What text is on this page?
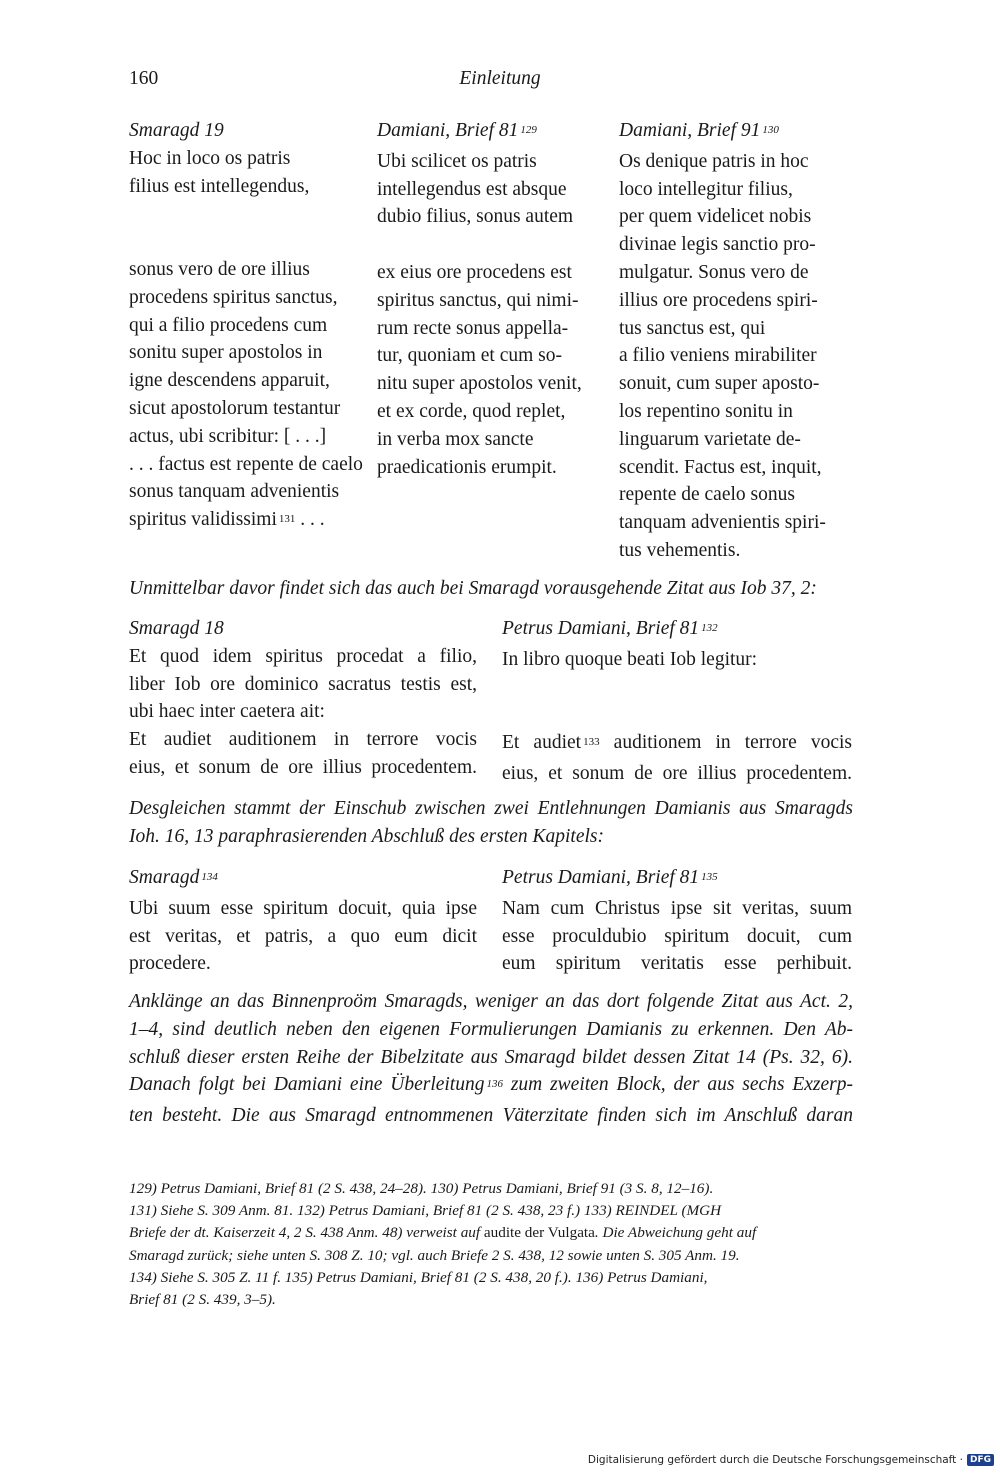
160	Einleitung
Smaragd 19
Hoc in loco os patris
filius est intellegendus,
sonus vero de ore illius
procedens spiritus sanctus,
qui a filio procedens cum
sonitu super apostolos in
igne descendens apparuit,
sicut apostolorum testantur
actus, ubi scribitur: [ . . .]
. . . factus est repente de caelo
sonus tanquam advenientis
spiritus validissimi $^{131}$ . . .
Damiani, Brief 81 $^{129}$
Ubi scilicet os patris
intellegendus est absque
dubio filius, sonus autem
ex eius ore procedens est
spiritus sanctus, qui nimi-
rum recte sonus appella-
tur, quoniam et cum so-
nitu super apostolos venit,
et ex corde, quod replet,
in verba mox sancte
praedicationis erumpit.
Damiani, Brief 91 $^{130}$
Os denique patris in hoc
loco intellegitur filius,
per quem videlicet nobis
divinae legis sanctio pro-
mulgatur. Sonus vero de
illius ore procedens spiri-
tus sanctus est, qui
a filio veniens mirabiliter
sonuit, cum super aposto-
los repentino sonitu in
linguarum varietate de-
scendit. Factus est, inquit,
repente de caelo sonus
tanquam advenientis spiri-
tus vehementis.
Unmittelbar davor findet sich das auch bei Smaragd vorausgehende Zitat aus Iob 37, 2:
Smaragd 18
Et quod idem spiritus procedat a filio,
liber Iob ore dominico sacratus testis est,
ubi haec inter caetera ait:
Et audiet auditionem in terrore vocis
eius, et sonum de ore illius procedentem.
Petrus Damiani, Brief 81 $^{132}$
In libro quoque beati Iob legitur:
Et audiet $^{133}$ auditionem in terrore vocis
eius, et sonum de ore illius procedentem.
Desgleichen stammt der Einschub zwischen zwei Entlehnungen Damianis aus Smaragds
Ioh. 16, 13 paraphrasierenden Abschluß des ersten Kapitels:
Smaragd $^{134}$
Ubi suum esse spiritum docuit, quia ipse
est veritas, et patris, a quo eum dicit
procedere.
Petrus Damiani, Brief 81 $^{135}$
Nam cum Christus ipse sit veritas, suum
esse proculdubio spiritum docuit, cum
eum spiritum veritatis esse perhibuit.
Anklänge an das Binnenproöm Smaragds, weniger an das dort folgende Zitat aus Act. 2,
1–4, sind deutlich neben den eigenen Formulierungen Damianis zu erkennen. Den Ab-
schluß dieser ersten Reihe der Bibelzitate aus Smaragd bildet dessen Zitat 14 (Ps. 32, 6).
Danach folgt bei Damiani eine Überleitung $^{136}$ zum zweiten Block, der aus sechs Exzerp-
ten besteht. Die aus Smaragd entnommenen Väterzitate finden sich im Anschluß daran
129) Petrus Damiani, Brief 81 (2 S. 438, 24–28). 130) Petrus Damiani, Brief 91 (3 S. 8, 12–16).
131) Siehe S. 309 Anm. 81. 132) Petrus Damiani, Brief 81 (2 S. 438, 23 f.) 133) REINDEL (MGH
Briefe der dt. Kaiserzeit 4, 2 S. 438 Anm. 48) verweist auf audite der Vulgata. Die Abweichung geht auf
Smaragd zurück; siehe unten S. 308 Z. 10; vgl. auch Briefe 2 S. 438, 12 sowie unten S. 305 Anm. 19.
134) Siehe S. 305 Z. 11 f. 135) Petrus Damiani, Brief 81 (2 S. 438, 20 f.). 136) Petrus Damiani,
Brief 81 (2 S. 439, 3–5).
Digitalisierung gefördert durch die Deutsche Forschungsgemeinschaft · DFG
